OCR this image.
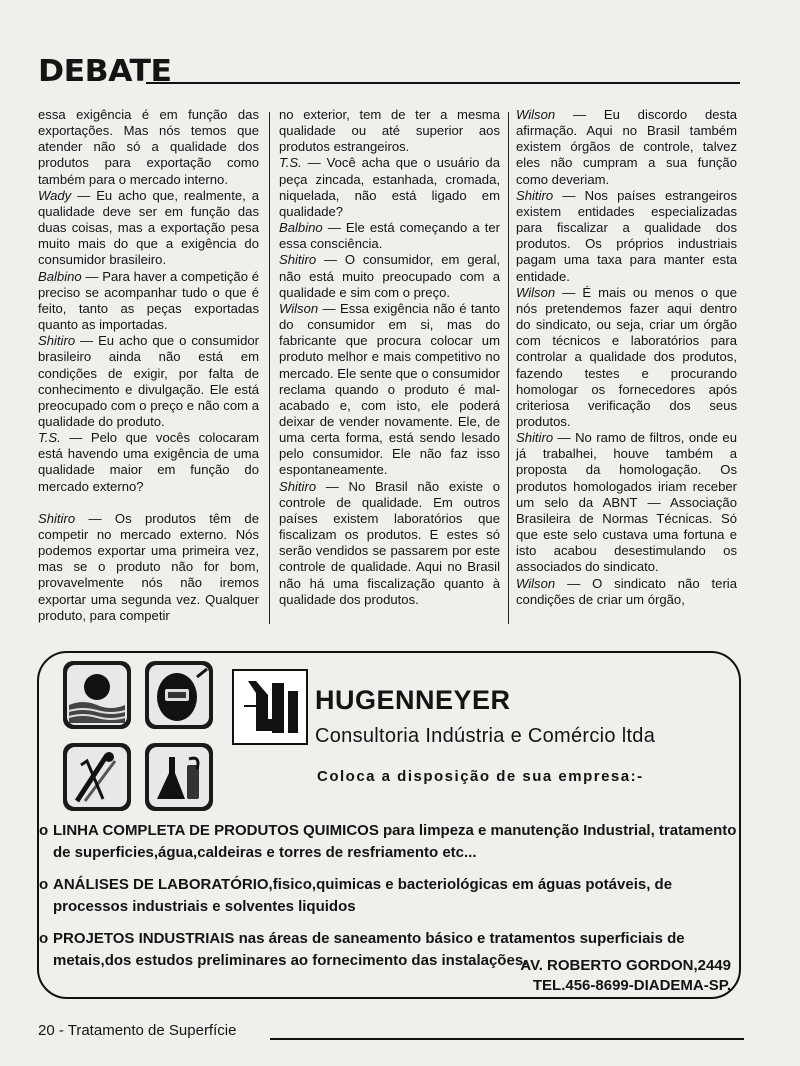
DEBATE

essa exigência é em função das exportações. Mas nós temos que atender não só a qualidade dos produtos para exportação como também para o mercado interno.

Wady — Eu acho que, realmente, a qualidade deve ser em função das duas coisas, mas a exportação pesa muito mais do que a exigência do consumidor brasileiro.

Balbino — Para haver a competição é preciso se acompanhar tudo o que é feito, tanto as peças exportadas quanto as importadas.

Shitiro — Eu acho que o consumidor brasileiro ainda não está em condições de exigir, por falta de conhecimento e divulgação. Ele está preocupado com o preço e não com a qualidade do produto.

T.S. — Pelo que vocês colocaram está havendo uma exigência de uma qualidade maior em função do mercado externo?

Shitiro — Os produtos têm de competir no mercado externo. Nós podemos exportar uma primeira vez, mas se o produto não for bom, provavelmente nós não iremos exportar uma segunda vez. Qualquer produto, para competir

no exterior, tem de ter a mesma qualidade ou até superior aos produtos estrangeiros.

T.S. — Você acha que o usuário da peça zincada, estanhada, cromada, niquelada, não está ligado em qualidade?

Balbino — Ele está começando a ter essa consciência.

Shitiro — O consumidor, em geral, não está muito preocupado com a qualidade e sim com o preço.

Wilson — Essa exigência não é tanto do consumidor em si, mas do fabricante que procura colocar um produto melhor e mais competitivo no mercado. Ele sente que o consumidor reclama quando o produto é mal-acabado e, com isto, ele poderá deixar de vender novamente. Ele, de uma certa forma, está sendo lesado pelo consumidor. Ele não faz isso espontaneamente.

Shitiro — No Brasil não existe o controle de qualidade. Em outros países existem laboratórios que fiscalizam os produtos. E estes só serão vendidos se passarem por este controle de qualidade. Aqui no Brasil não há uma fiscalização quanto à qualidade dos produtos.

Wilson — Eu discordo desta afirmação. Aqui no Brasil também existem órgãos de controle, talvez eles não cumpram a sua função como deveriam.

Shitiro — Nos países estrangeiros existem entidades especializadas para fiscalizar a qualidade dos produtos. Os próprios industriais pagam uma taxa para manter esta entidade.

Wilson — É mais ou menos o que nós pretendemos fazer aqui dentro do sindicato, ou seja, criar um órgão com técnicos e laboratórios para controlar a qualidade dos produtos, fazendo testes e procurando homologar os fornecedores após criteriosa verificação dos seus produtos.

Shitiro — No ramo de filtros, onde eu já trabalhei, houve também a proposta da homologação. Os produtos homologados iriam receber um selo da ABNT — Associação Brasileira de Normas Técnicas. Só que este selo custava uma fortuna e isto acabou desestimulando os associados do sindicato.

Wilson — O sindicato não teria condições de criar um órgão,

HUGENNEYER
Consultoria Indústria e Comércio ltda
Coloca a disposição de sua empresa:-
o LINHA COMPLETA DE PRODUTOS QUIMICOS para limpeza e manutenção Industrial, tratamento de superficies,água,caldeiras e torres de resfriamento etc...
o ANÁLISES DE LABORATÓRIO,fisico,quimicas e bacteriológicas em águas potáveis, de processos industriais e solventes liquidos
o PROJETOS INDUSTRIAIS nas áreas de saneamento básico e tratamentos superficiais de metais,dos estudos preliminares ao fornecimento das instalações.
AV. ROBERTO GORDON,2449
TEL.456-8699-DIADEMA-SP.
20 - Tratamento de Superfície
